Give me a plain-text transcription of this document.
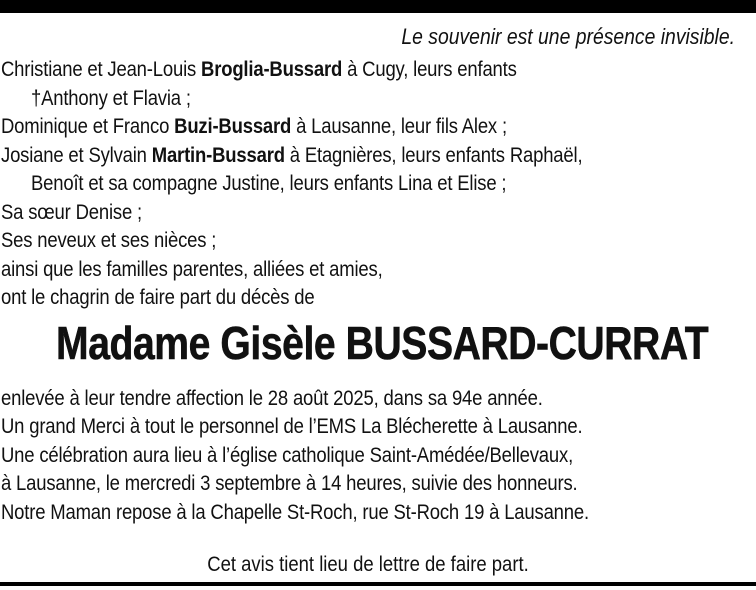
Le souvenir est une présence invisible.
Christiane et Jean-Louis Broglia-Bussard à Cugy, leurs enfants
†Anthony et Flavia ;
Dominique et Franco Buzi-Bussard à Lausanne, leur fils Alex ;
Josiane et Sylvain Martin-Bussard à Etagnières, leurs enfants Raphaël,
Benoît et sa compagne Justine, leurs enfants Lina et Elise ;
Sa sœur Denise ;
Ses neveux et ses nièces ;
ainsi que les familles parentes, alliées et amies,
ont le chagrin de faire part du décès de
Madame Gisèle BUSSARD-CURRAT
enlevée à leur tendre affection le 28 août 2025, dans sa 94e année.
Un grand Merci à tout le personnel de l’EMS La Blécherette à Lausanne.
Une célébration aura lieu à l’église catholique Saint-Amédée/Bellevaux,
à Lausanne, le mercredi 3 septembre à 14 heures, suivie des honneurs.
Notre Maman repose à la Chapelle St-Roch, rue St-Roch 19 à Lausanne.
Cet avis tient lieu de lettre de faire part.
